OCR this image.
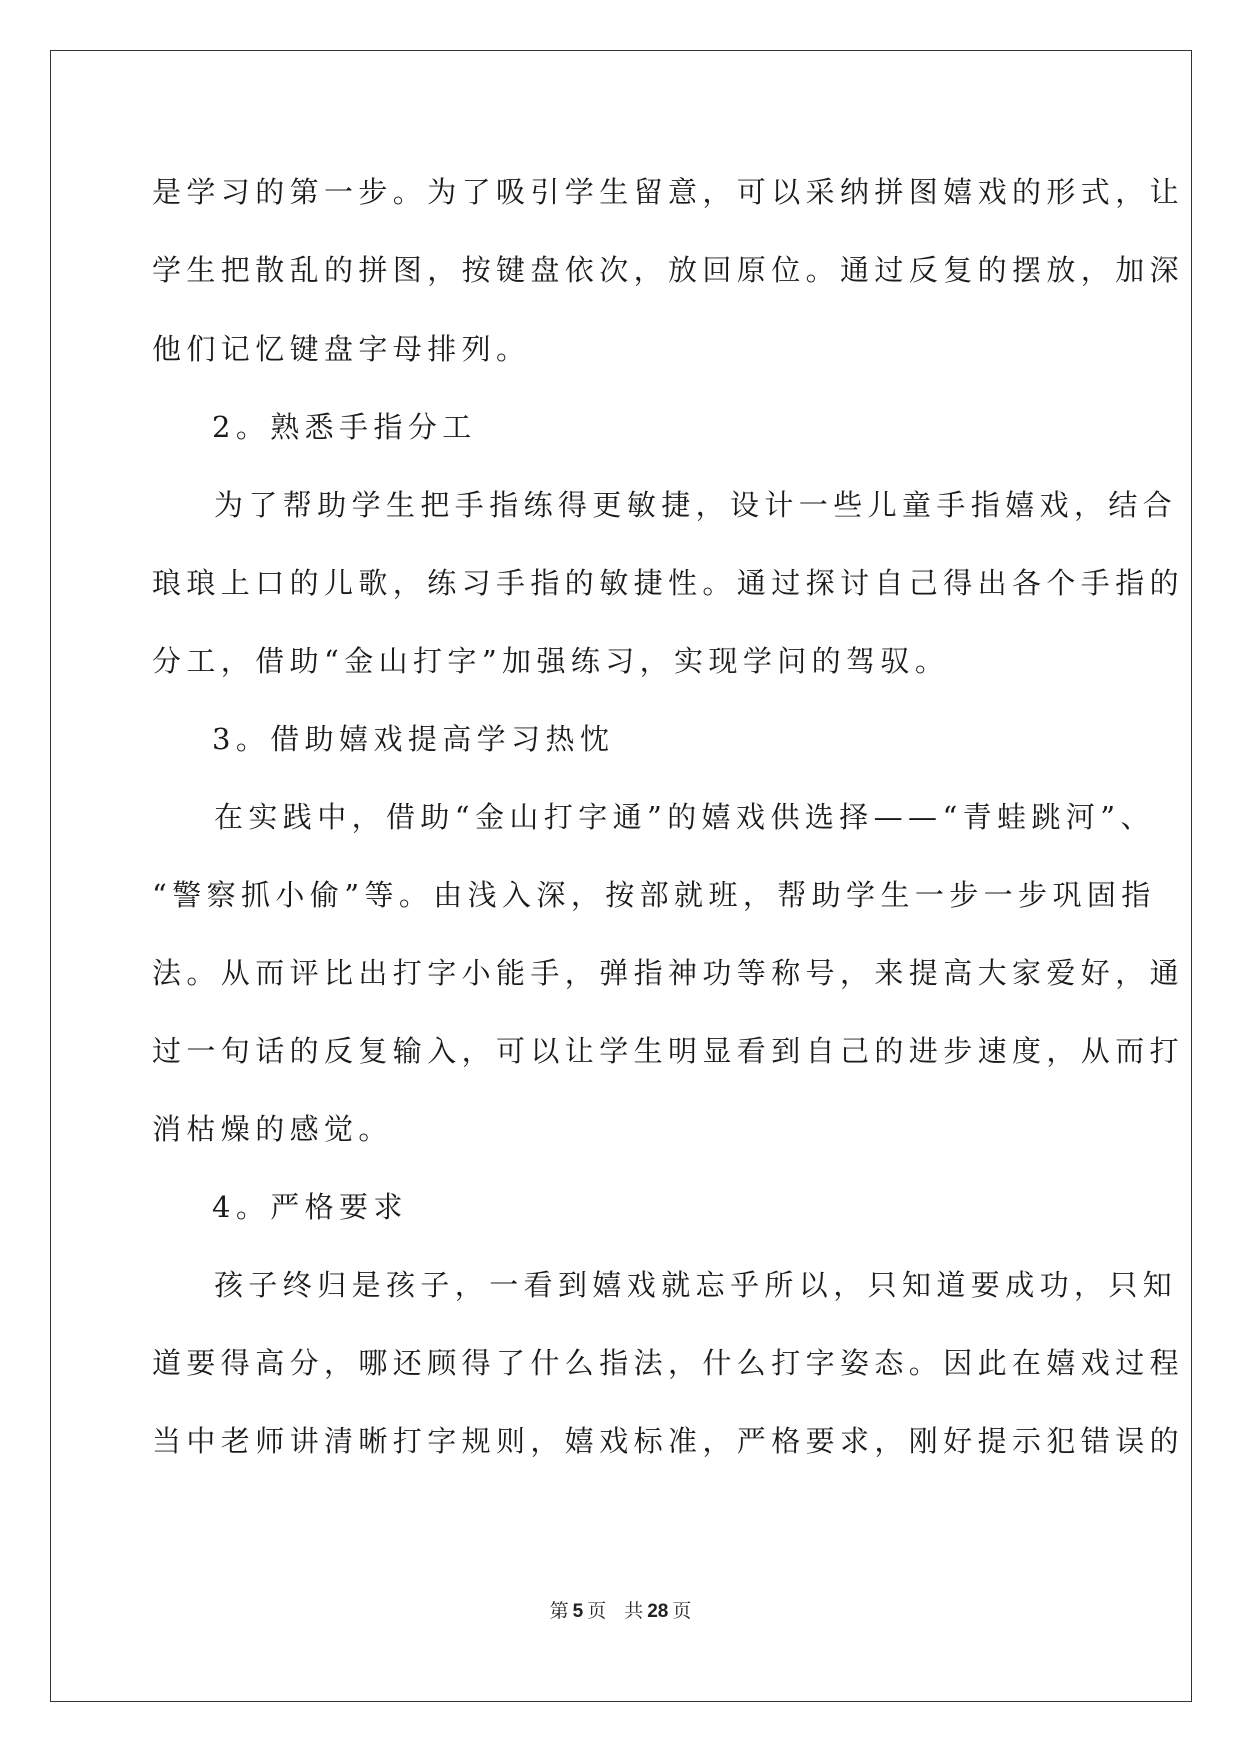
是学习的第一步。为了吸引学生留意，可以采纳拼图嬉戏的形式，让
学生把散乱的拼图，按键盘依次，放回原位。通过反复的摆放，加深
他们记忆键盘字母排列。
2。熟悉手指分工
为了帮助学生把手指练得更敏捷，设计一些儿童手指嬉戏，结合
琅琅上口的儿歌，练习手指的敏捷性。通过探讨自己得出各个手指的
分工，借助“金山打字”加强练习，实现学问的驾驭。
3。借助嬉戏提高学习热忱
在实践中，借助“金山打字通”的嬉戏供选择——“青蛙跳河”、
“警察抓小偷”等。由浅入深，按部就班，帮助学生一步一步巩固指
法。从而评比出打字小能手，弹指神功等称号，来提高大家爱好，通
过一句话的反复输入，可以让学生明显看到自己的进步速度，从而打
消枯燥的感觉。
4。严格要求
孩子终归是孩子，一看到嬉戏就忘乎所以，只知道要成功，只知
道要得高分，哪还顾得了什么指法，什么打字姿态。因此在嬉戏过程
当中老师讲清晰打字规则，嬉戏标准，严格要求，刚好提示犯错误的
第 5 页 共 28 页
